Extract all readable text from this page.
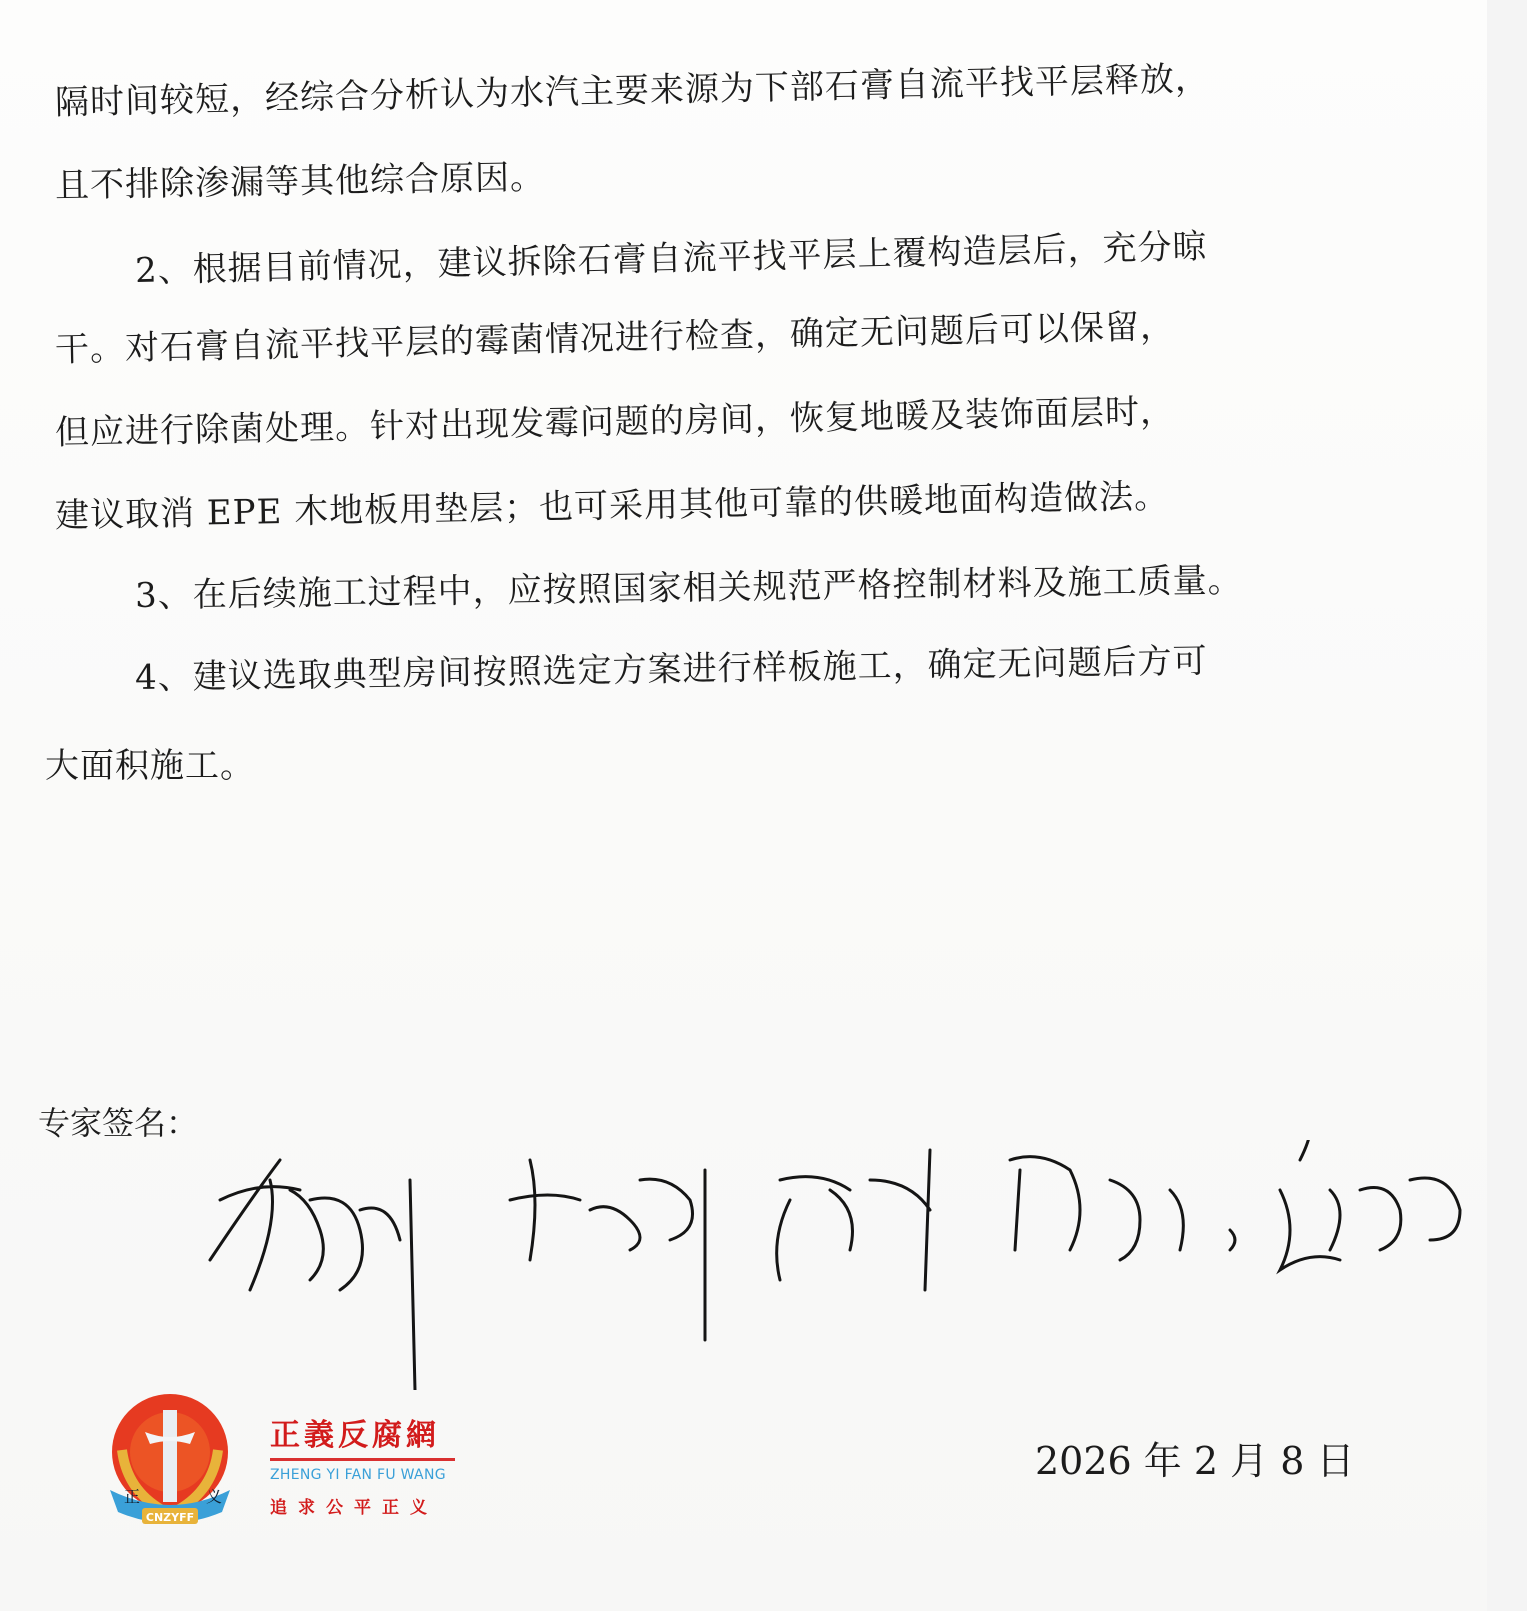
隔时间较短，经综合分析认为水汽主要来源为下部石膏自流平找平层释放，
且不排除渗漏等其他综合原因。
2、根据目前情况，建议拆除石膏自流平找平层上覆构造层后，充分晾
干。对石膏自流平找平层的霉菌情况进行检查，确定无问题后可以保留，
但应进行除菌处理。针对出现发霉问题的房间，恢复地暖及装饰面层时，
建议取消 EPE 木地板用垫层；也可采用其他可靠的供暖地面构造做法。
3、在后续施工过程中，应按照国家相关规范严格控制材料及施工质量。
4、建议选取典型房间按照选定方案进行样板施工，确定无问题后方可
大面积施工。
专家签名：
2026 年 2 月 8 日
CNZYFF
正	义
正義反腐網
ZHENG YI FAN FU WANG
追求公平正义
